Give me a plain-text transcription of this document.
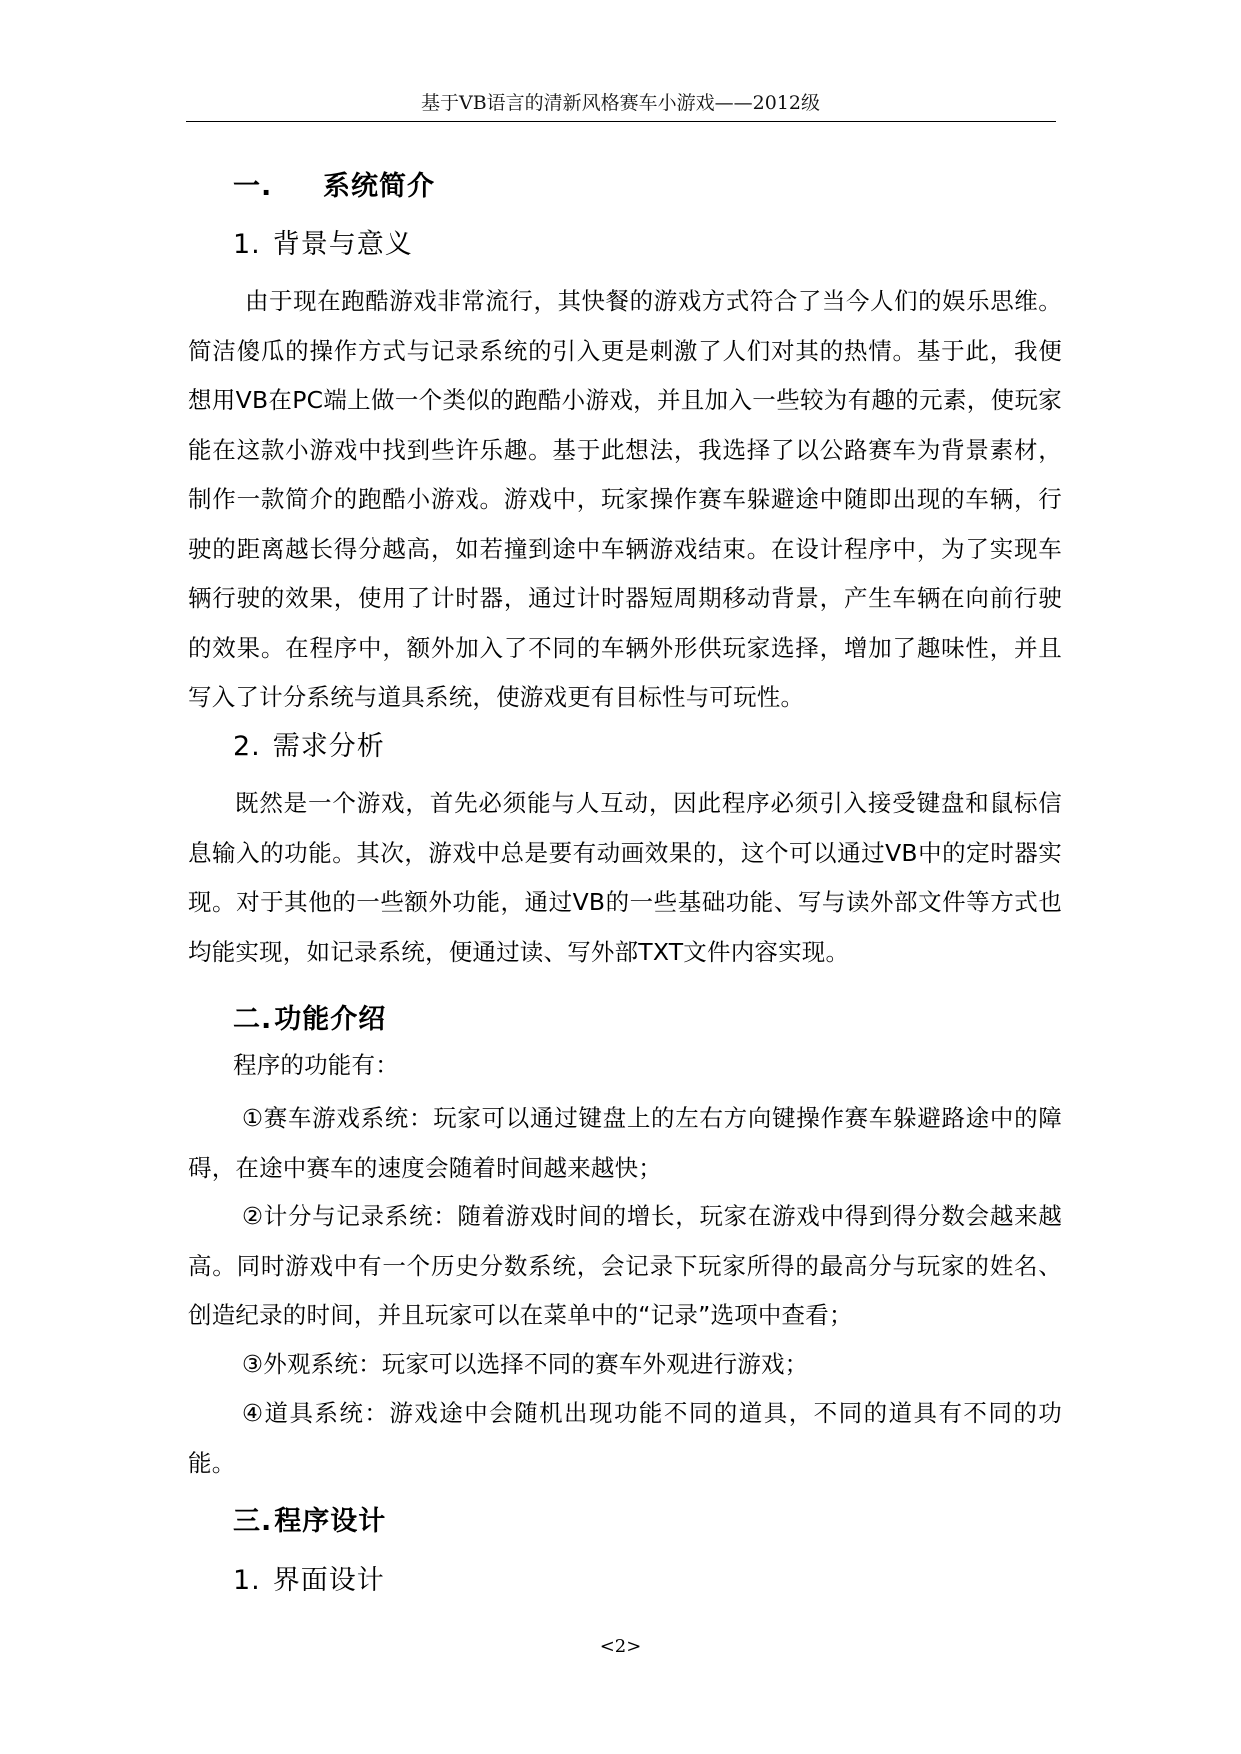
基于VB语言的清新风格赛车小游戏——2012级
一. 系统简介
1. 背景与意义
由于现在跑酷游戏非常流行，其快餐的游戏方式符合了当今人们的娱乐思维。简洁傻瓜的操作方式与记录系统的引入更是刺激了人们对其的热情。基于此，我便想用VB在PC端上做一个类似的跑酷小游戏，并且加入一些较为有趣的元素，使玩家能在这款小游戏中找到些许乐趣。基于此想法，我选择了以公路赛车为背景素材，制作一款简介的跑酷小游戏。游戏中，玩家操作赛车躲避途中随即出现的车辆，行驶的距离越长得分越高，如若撞到途中车辆游戏结束。在设计程序中，为了实现车辆行驶的效果，使用了计时器，通过计时器短周期移动背景，产生车辆在向前行驶的效果。在程序中，额外加入了不同的车辆外形供玩家选择，增加了趣味性，并且写入了计分系统与道具系统，使游戏更有目标性与可玩性。
2. 需求分析
既然是一个游戏，首先必须能与人互动，因此程序必须引入接受键盘和鼠标信息输入的功能。其次，游戏中总是要有动画效果的，这个可以通过VB中的定时器实现。对于其他的一些额外功能，通过VB的一些基础功能、写与读外部文件等方式也均能实现，如记录系统，便通过读、写外部TXT文件内容实现。
二.功能介绍
程序的功能有：
①赛车游戏系统：玩家可以通过键盘上的左右方向键操作赛车躲避路途中的障碍，在途中赛车的速度会随着时间越来越快；
②计分与记录系统：随着游戏时间的增长，玩家在游戏中得到得分数会越来越高。同时游戏中有一个历史分数系统，会记录下玩家所得的最高分与玩家的姓名、创造纪录的时间，并且玩家可以在菜单中的“记录”选项中查看；
③外观系统：玩家可以选择不同的赛车外观进行游戏；
④道具系统：游戏途中会随机出现功能不同的道具，不同的道具有不同的功能。
三.程序设计
1. 界面设计
<2>
